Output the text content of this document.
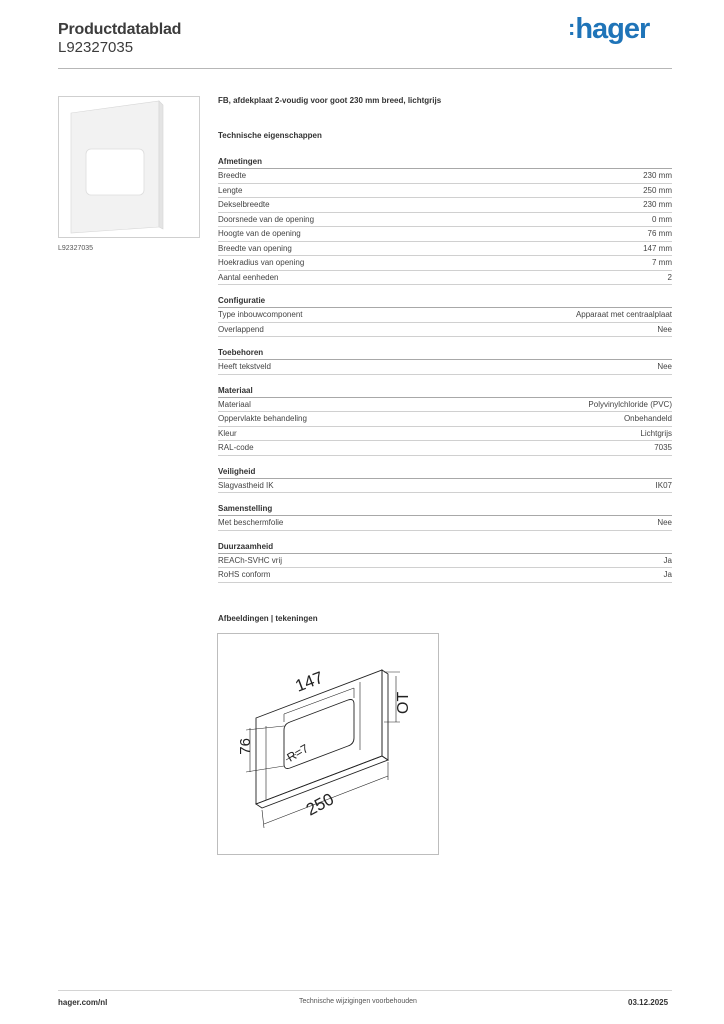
Productdatablad
L92327035
:hager
L92327035
FB, afdekplaat 2-voudig voor goot 230 mm breed, lichtgrijs
Technische eigenschappen
Afmetingen
Breedte	230 mm
Lengte	250 mm
Dekselbreedte	230 mm
Doorsnede van de opening	0 mm
Hoogte van de opening	76 mm
Breedte van opening	147 mm
Hoekradius van opening	7 mm
Aantal eenheden	2
Configuratie
Type inbouwcomponent	Apparaat met centraalplaat
Overlappend	Nee
Toebehoren
Heeft tekstveld	Nee
Materiaal
Materiaal	Polyvinylchloride (PVC)
Oppervlakte behandeling	Onbehandeld
Kleur	Lichtgrijs
RAL-code	7035
Veiligheid
Slagvastheid IK	IK07
Samenstelling
Met beschermfolie	Nee
Duurzaamheid
REACh-SVHC vrij	Ja
RoHS conform	Ja
Afbeeldingen | tekeningen
147
76	R=7
250
OT
hager.com/nl	Technische wijzigingen voorbehouden	03.12.2025
